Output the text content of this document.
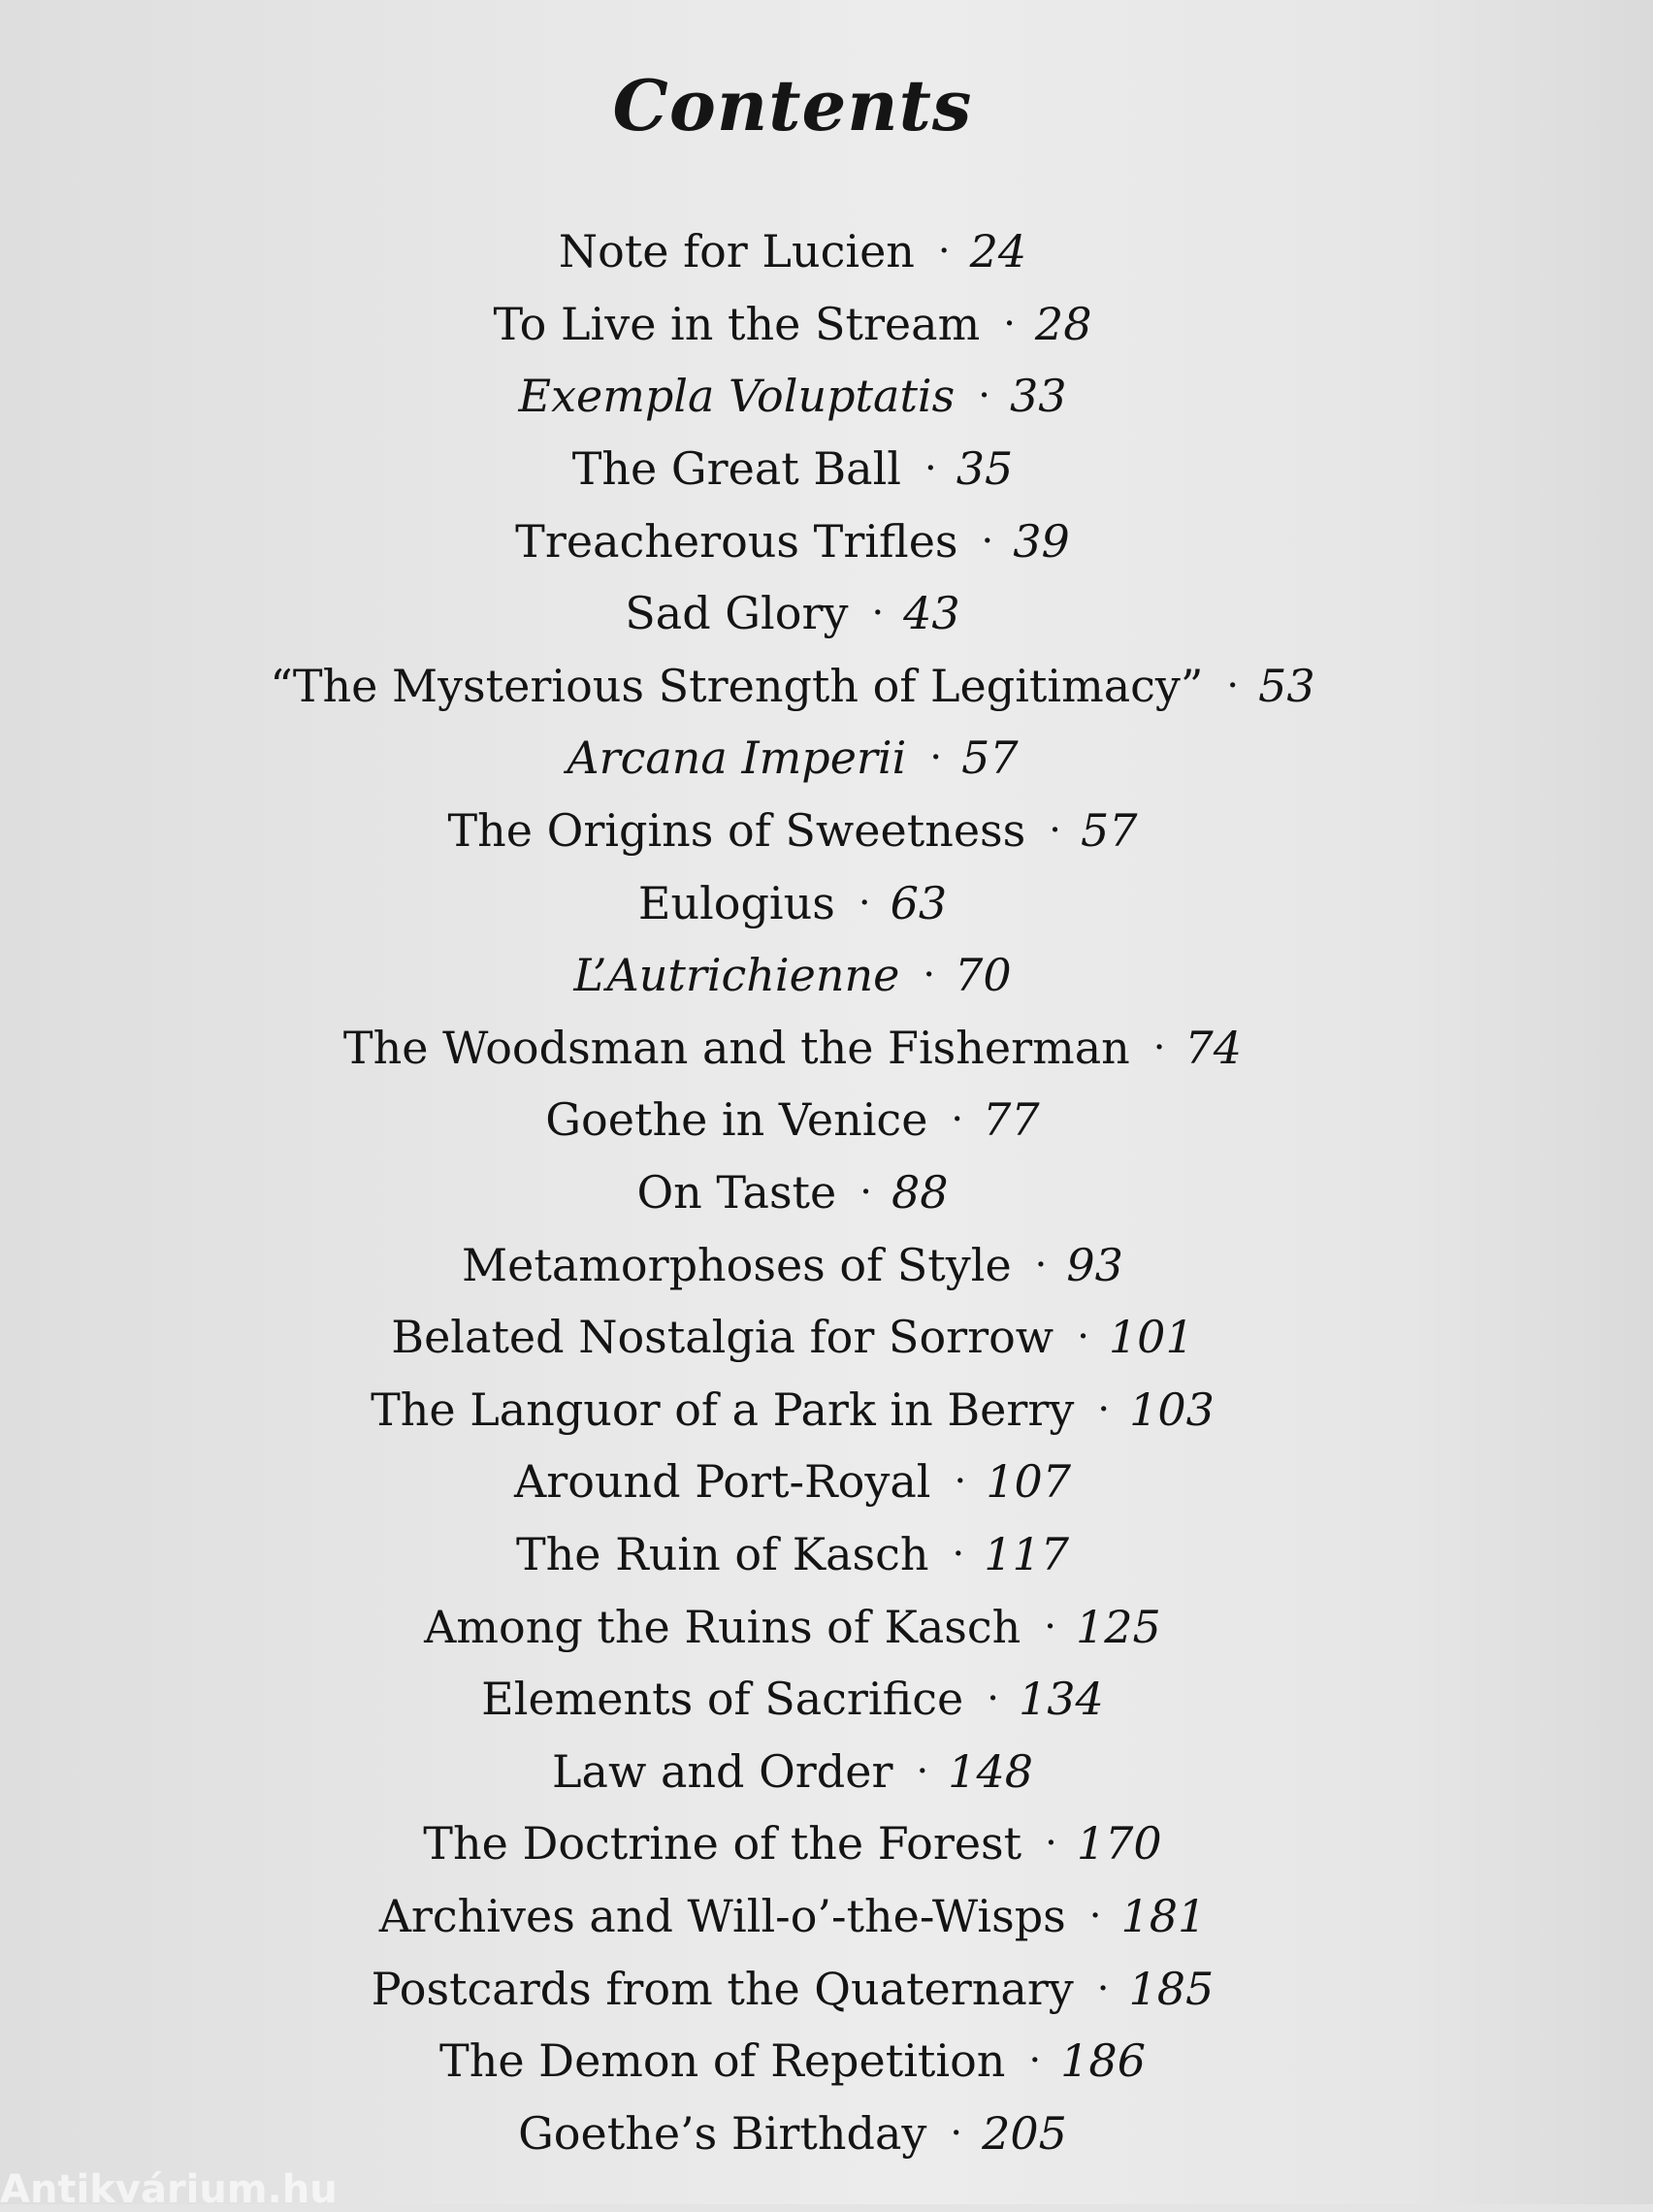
Contents
Note for Lucien · 24
To Live in the Stream · 28
Exempla Voluptatis · 33
The Great Ball · 35
Treacherous Trifles · 39
Sad Glory · 43
“The Mysterious Strength of Legitimacy” · 53
Arcana Imperii · 57
The Origins of Sweetness · 57
Eulogius · 63
L’Autrichienne · 70
The Woodsman and the Fisherman · 74
Goethe in Venice · 77
On Taste · 88
Metamorphoses of Style · 93
Belated Nostalgia for Sorrow · 101
The Languor of a Park in Berry · 103
Around Port-Royal · 107
The Ruin of Kasch · 117
Among the Ruins of Kasch · 125
Elements of Sacrifice · 134
Law and Order · 148
The Doctrine of the Forest · 170
Archives and Will-o’-the-Wisps · 181
Postcards from the Quaternary · 185
The Demon of Repetition · 186
Goethe’s Birthday · 205
Antikvárium.hu
